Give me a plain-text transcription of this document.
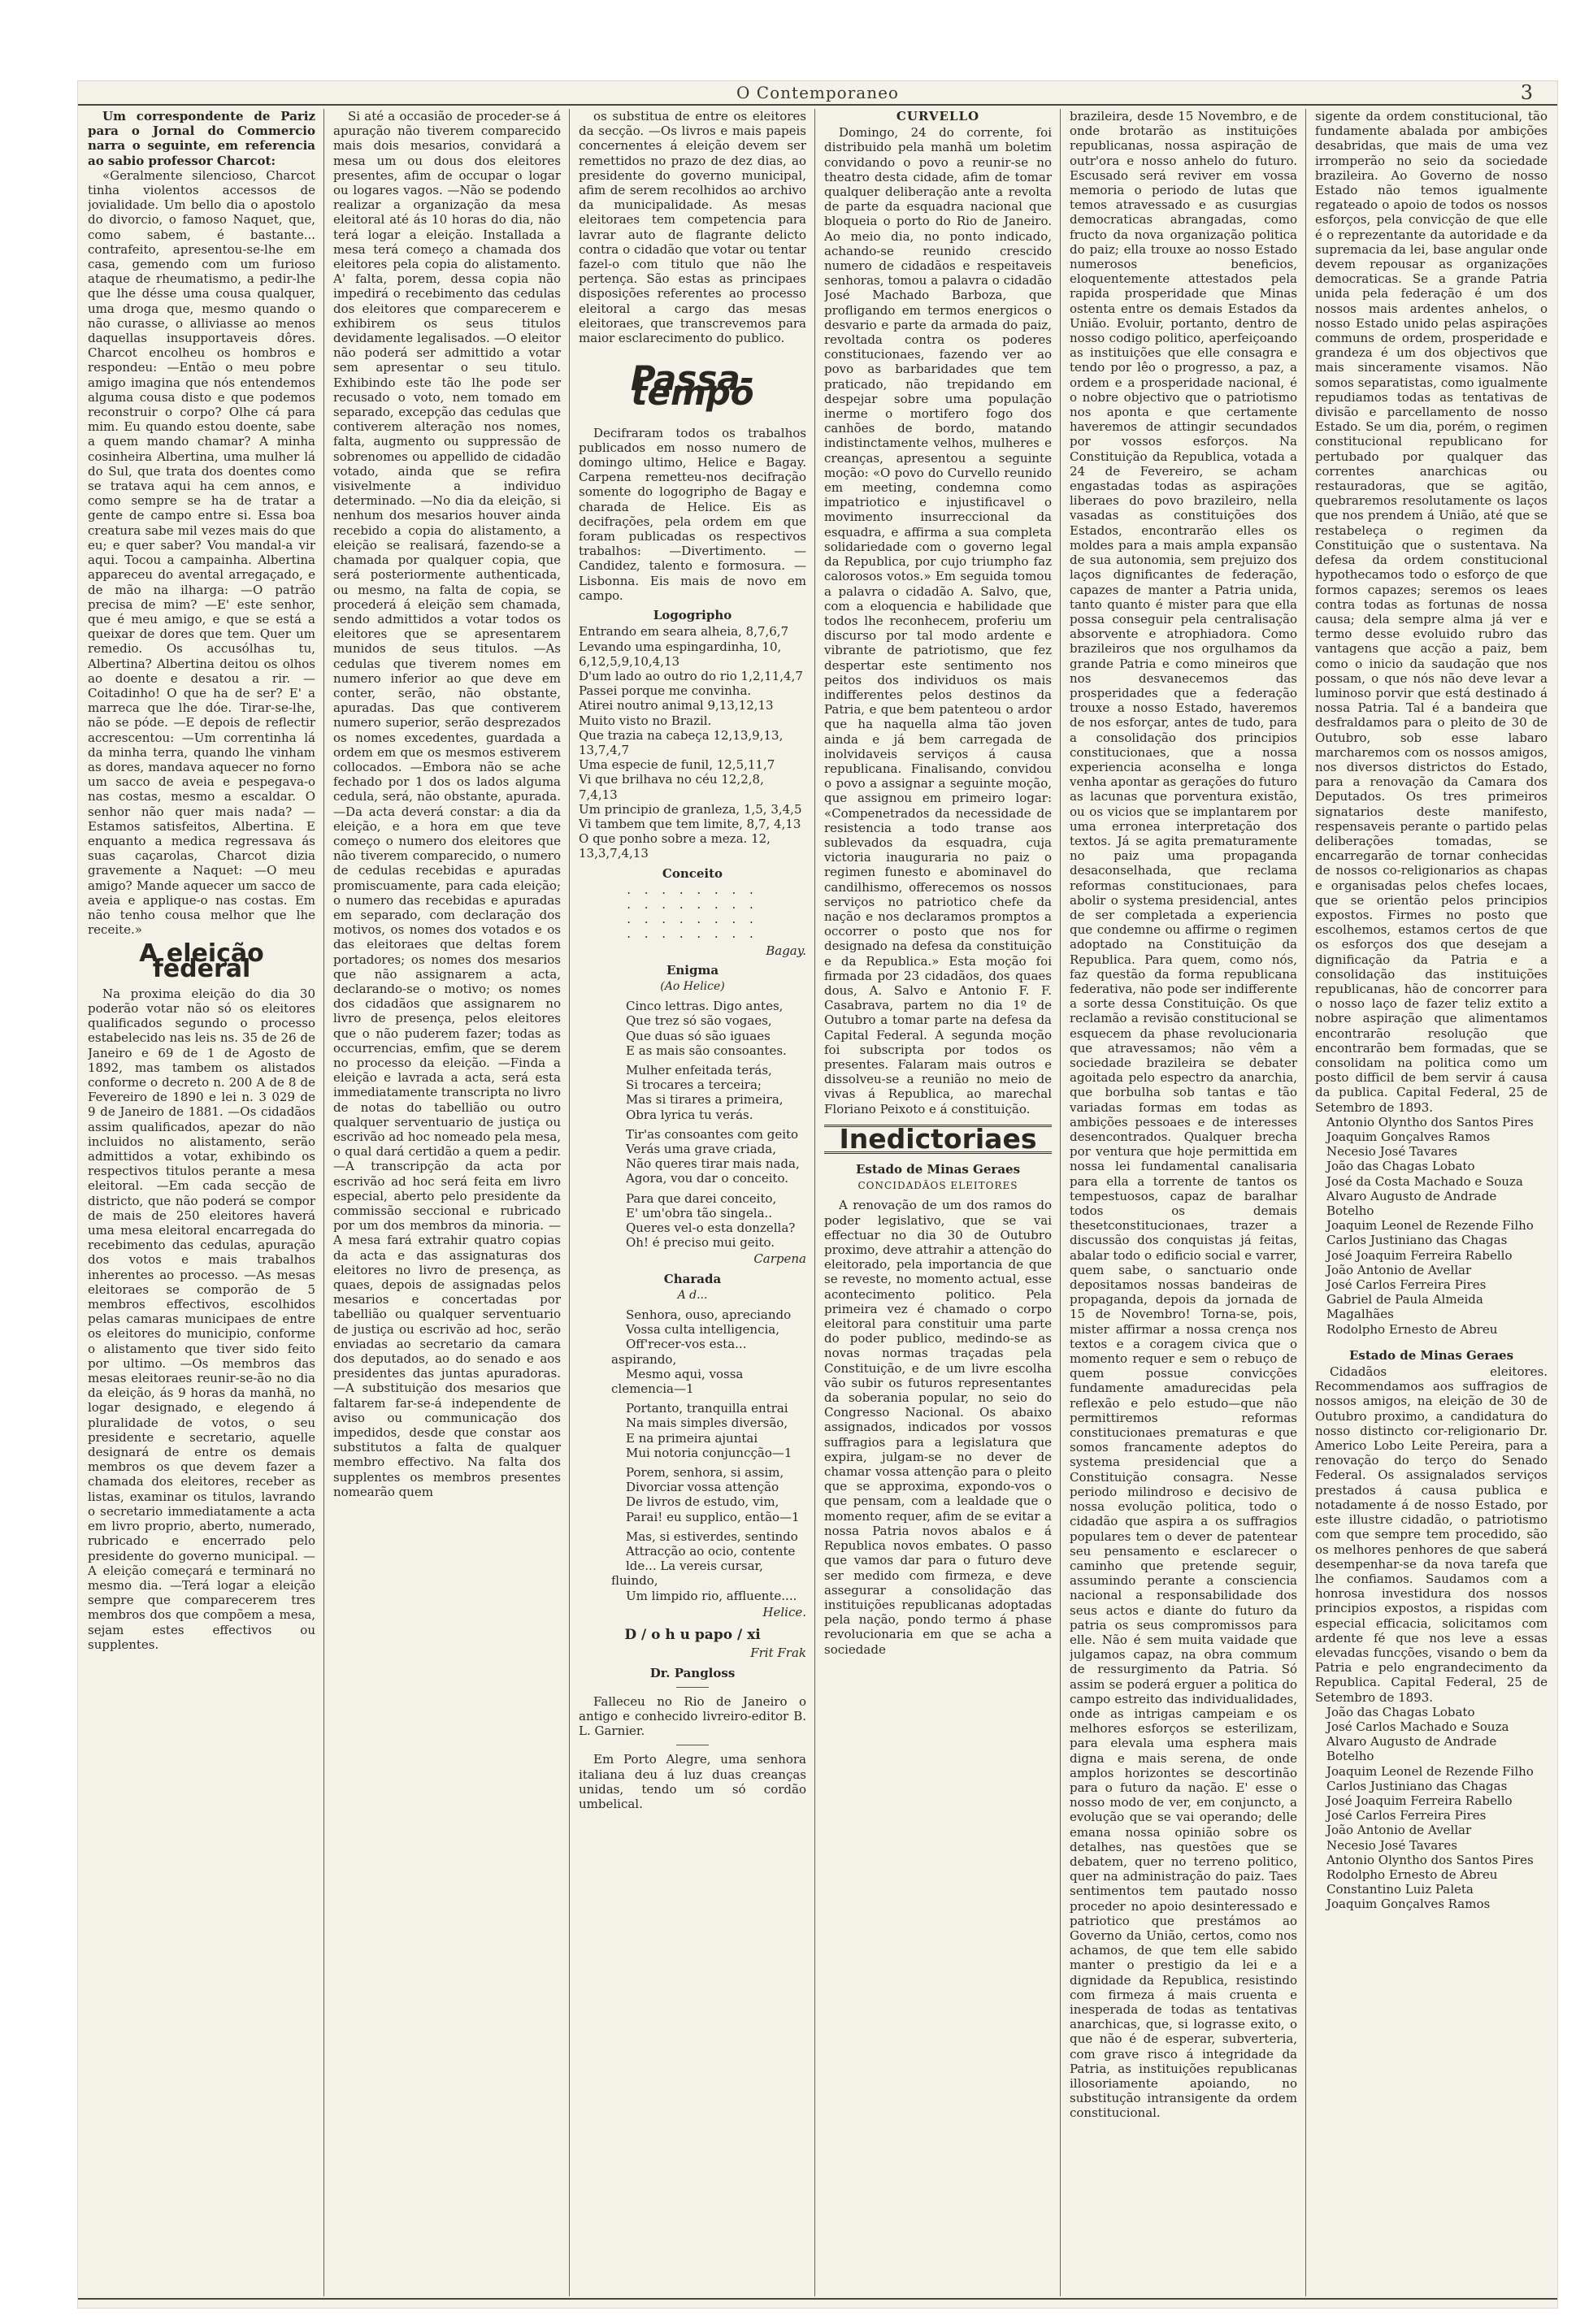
O Contemporaneo	3

Um correspondente de Pariz para o Jornal do Commercio narra o seguinte, em referencia ao sabio professor Charcot:

«Geralmente silencioso, Charcot tinha violentos accessos de jovialidade. Um bello dia o apostolo do divorcio, o famoso Naquet, que, como sabem, é bastante... contrafeito, apresentou-se-lhe em casa, gemendo com um furioso ataque de rheumatismo, a pedir-lhe que lhe désse uma cousa qualquer, uma droga que, mesmo quando o não curasse, o alliviasse ao menos daquellas insupportaveis dôres. Charcot encolheu os hombros e respondeu: —Então o meu pobre amigo imagina que nós entendemos alguma cousa disto e que podemos reconstruir o corpo? Olhe cá para mim. Eu quando estou doente, sabe a quem mando chamar? A minha cosinheira Albertina, uma mulher lá do Sul, que trata dos doentes como se tratava aqui ha cem annos, e como sempre se ha de tratar a gente de campo entre si. Essa boa creatura sabe mil vezes mais do que eu; e quer saber? Vou mandal-a vir aqui. Tocou a campainha. Albertina appareceu do avental arregaçado, e de mão na ilharga: —O patrão precisa de mim? —E' este senhor, que é meu amigo, e que se está a queixar de dores que tem. Quer um remedio. Os accusólhas tu, Albertina? Albertina deitou os olhos ao doente e desatou a rir. —Coitadinho! O que ha de ser? E' a marreca que lhe dóe. Tirar-se-lhe, não se póde. —E depois de reflectir accrescentou: —Um correntinha lá da minha terra, quando lhe vinham as dores, mandava aquecer no forno um sacco de aveia e pespegava-o nas costas, mesmo a escaldar. O senhor não quer mais nada? —Estamos satisfeitos, Albertina. E enquanto a medica regressava ás suas caçarolas, Charcot dizia gravemente a Naquet: —O meu amigo? Mande aquecer um sacco de aveia e applique-o nas costas. Em não tenho cousa melhor que lhe receite.»

A eleição federal

Na proxima eleição do dia 30 poderão votar não só os eleitores qualificados segundo o processo estabelecido nas leis ns. 35 de 26 de Janeiro e 69 de 1 de Agosto de 1892, mas tambem os alistados conforme o decreto n. 200 A de 8 de Fevereiro de 1890 e lei n. 3 029 de 9 de Janeiro de 1881. —Os cidadãos assim qualificados, apezar do não incluidos no alistamento, serão admittidos a votar, exhibindo os respectivos titulos perante a mesa eleitoral. —Em cada secção de districto, que não poderá se compor de mais de 250 eleitores haverá uma mesa eleitoral encarregada do recebimento das cedulas, apuração dos votos e mais trabalhos inherentes ao processo. —As mesas eleitoraes se comporão de 5 membros effectivos, escolhidos pelas camaras municipaes de entre os eleitores do municipio, conforme o alistamento que tiver sido feito por ultimo. —Os membros das mesas eleitoraes reunir-se-ão no dia da eleição, ás 9 horas da manhã, no logar designado, e elegendo á pluralidade de votos, o seu presidente e secretario, aquelle designará de entre os demais membros os que devem fazer a chamada dos eleitores, receber as listas, examinar os titulos, lavrando o secretario immediatamente a acta em livro proprio, aberto, numerado, rubricado e encerrado pelo presidente do governo municipal. —A eleição começará e terminará no mesmo dia. —Terá logar a eleição sempre que comparecerem tres membros dos que compõem a mesa, sejam estes effectivos ou supplentes.

Si até a occasião de proceder-se á apuração não tiverem comparecido mais dois mesarios, convidará a mesa um ou dous dos eleitores presentes, afim de occupar o logar ou logares vagos. —Não se podendo realizar a organização da mesa eleitoral até ás 10 horas do dia, não terá logar a eleição. Installada a mesa terá começo a chamada dos eleitores pela copia do alistamento. A' falta, porem, dessa copia não impedirá o recebimento das cedulas dos eleitores que comparecerem e exhibirem os seus titulos devidamente legalisados. —O eleitor não poderá ser admittido a votar sem apresentar o seu titulo. Exhibindo este tão lhe pode ser recusado o voto, nem tomado em separado, excepção das cedulas que contiverem alteração nos nomes, falta, augmento ou suppressão de sobrenomes ou appellido de cidadão votado, ainda que se refira visivelmente a individuo determinado. —No dia da eleição, si nenhum dos mesarios houver ainda recebido a copia do alistamento, a eleição se realisará, fazendo-se a chamada por qualquer copia, que será posteriormente authenticada, ou mesmo, na falta de copia, se procederá á eleição sem chamada, sendo admittidos a votar todos os eleitores que se apresentarem munidos de seus titulos. —As cedulas que tiverem nomes em numero inferior ao que deve em conter, serão, não obstante, apuradas. Das que contiverem numero superior, serão desprezados os nomes excedentes, guardada a ordem em que os mesmos estiverem collocados. —Embora não se ache fechado por 1 dos os lados alguma cedula, será, não obstante, apurada. —Da acta deverá constar: a dia da eleição, e a hora em que teve começo o numero dos eleitores que não tiverem comparecido, o numero de cedulas recebidas e apuradas promiscuamente, para cada eleição; o numero das recebidas e apuradas em separado, com declaração dos motivos, os nomes dos votados e os das eleitoraes que deltas forem portadores; os nomes dos mesarios que não assignarem a acta, declarando-se o motivo; os nomes dos cidadãos que assignarem no livro de presença, pelos eleitores que o não puderem fazer; todas as occurrencias, emfim, que se derem no processo da eleição. —Finda a eleição e lavrada a acta, será esta immediatamente transcripta no livro de notas do tabellião ou outro qualquer serventuario de justiça ou escrivão ad hoc nomeado pela mesa, o qual dará certidão a quem a pedir. —A transcripção da acta por escrivão ad hoc será feita em livro especial, aberto pelo presidente da commissão seccional e rubricado por um dos membros da minoria. —A mesa fará extrahir quatro copias da acta e das assignaturas dos eleitores no livro de presença, as quaes, depois de assignadas pelos mesarios e concertadas por tabellião ou qualquer serventuario de justiça ou escrivão ad hoc, serão enviadas ao secretario da camara dos deputados, ao do senado e aos presidentes das juntas apuradoras. —A substituição dos mesarios que faltarem far-se-á independente de aviso ou communicação dos impedidos, desde que constar aos substitutos a falta de qualquer membro effectivo. Na falta dos supplentes os membros presentes nomearão quem

os substitua de entre os eleitores da secção. —Os livros e mais papeis concernentes á eleição devem ser remettidos no prazo de dez dias, ao presidente do governo municipal, afim de serem recolhidos ao archivo da municipalidade. As mesas eleitoraes tem competencia para lavrar auto de flagrante delicto contra o cidadão que votar ou tentar fazel-o com titulo que não lhe pertença. São estas as principaes disposições referentes ao processo eleitoral a cargo das mesas eleitoraes, que transcrevemos para maior esclarecimento do publico.

Passa-tempo

Decifraram todos os trabalhos publicados em nosso numero de domingo ultimo, Helice e Bagay. Carpena remetteu-nos decifração somente do logogripho de Bagay e charada de Helice. Eis as decifrações, pela ordem em que foram publicadas os respectivos trabalhos: —Divertimento. —Candidez, talento e formosura. —Lisbonna. Eis mais de novo em campo.

Logogripho

Entrando em seara alheia, 8,7,6,7

Levando uma espingardinha, 10, 6,12,5,9,10,4,13

D'um lado ao outro do rio 1,2,11,4,7

Passei porque me convinha.

Atirei noutro animal 9,13,12,13

Muito visto no Brazil.

Que trazia na cabeça 12,13,9,13, 13,7,4,7

Uma especie de funil, 12,5,11,7

Vi que brilhava no céu 12,2,8, 7,4,13

Um principio de granleza, 1,5, 3,4,5

Vi tambem que tem limite, 8,7, 4,13

O que ponho sobre a meza. 12, 13,3,7,4,13

Conceito

. . . . . . . .
. . . . . . . .
. . . . . . . .
. . . . . . . .

Bagay.
Enigma
(Ao Helice)

Cinco lettras. Digo antes,

Que trez só são vogaes,

Que duas só são iguaes

E as mais são consoantes.

Mulher enfeitada terás,

Si trocares a terceira;

Mas si tirares a primeira,

Obra lyrica tu verás.

Tir'as consoantes com geito

Verás uma grave criada,

Não queres tirar mais nada,

Agora, vou dar o conceito.

Para que darei conceito,

E' um'obra tão singela..

Queres vel-o esta donzella?

Oh! é preciso mui geito.

Carpena
Charada
A d...

Senhora, ouso, apreciando

Vossa culta intelligencia,

Off'recer-vos esta... aspirando,

Mesmo aqui, vossa clemencia—1

Portanto, tranquilla entrai

Na mais simples diversão,

E na primeira ajuntai

Mui notoria conjuncção—1

Porem, senhora, si assim,

Divorciar vossa attenção

De livros de estudo, vim,

Parai! eu supplico, então—1

Mas, si estiverdes, sentindo

Attracção ao ocio, contente

lde... La vereis cursar, fluindo,

Um limpido rio, affluente....

Helice.

D / o h u papo / xi

Frit Frak
Dr. Pangloss

Falleceu no Rio de Janeiro o antigo e conhecido livreiro-editor B. L. Garnier.

Em Porto Alegre, uma senhora italiana deu á luz duas creanças unidas, tendo um só cordão umbelical.

CURVELLO

Domingo, 24 do corrente, foi distribuido pela manhã um boletim convidando o povo a reunir-se no theatro desta cidade, afim de tomar qualquer deliberação ante a revolta de parte da esquadra nacional que bloqueia o porto do Rio de Janeiro. Ao meio dia, no ponto indicado, achando-se reunido crescido numero de cidadãos e respeitaveis senhoras, tomou a palavra o cidadão José Machado Barboza, que profligando em termos energicos o desvario e parte da armada do paiz, revoltada contra os poderes constitucionaes, fazendo ver ao povo as barbaridades que tem praticado, não trepidando em despejar sobre uma população inerme o mortifero fogo dos canhões de bordo, matando indistinctamente velhos, mulheres e creanças, apresentou a seguinte moção: «O povo do Curvello reunido em meeting, condemna como impatriotico e injustificavel o movimento insurreccional da esquadra, e affirma a sua completa solidariedade com o governo legal da Republica, por cujo triumpho faz calorosos votos.» Em seguida tomou a palavra o cidadão A. Salvo, que, com a eloquencia e habilidade que todos lhe reconhecem, proferiu um discurso por tal modo ardente e vibrante de patriotismo, que fez despertar este sentimento nos peitos dos individuos os mais indifferentes pelos destinos da Patria, e que bem patenteou o ardor que ha naquella alma tão joven ainda e já bem carregada de inolvidaveis serviços á causa republicana. Finalisando, convidou o povo a assignar a seguinte moção, que assignou em primeiro logar: «Compenetrados da necessidade de resistencia a todo transe aos sublevados da esquadra, cuja victoria inauguraria no paiz o regimen funesto e abominavel do candilhismo, offerecemos os nossos serviços no patriotico chefe da nação e nos declaramos promptos a occorrer o posto que nos for designado na defesa da constituição e da Republica.» Esta moção foi firmada por 23 cidadãos, dos quaes dous, A. Salvo e Antonio F. F. Casabrava, partem no dia 1º de Outubro a tomar parte na defesa da Capital Federal. A segunda moção foi subscripta por todos os presentes. Falaram mais outros e dissolveu-se a reunião no meio de vivas á Republica, ao marechal Floriano Peixoto e á constituição.

Inedictoriaes
Estado de Minas Geraes
CONCIDADÃOS ELEITORES

A renovação de um dos ramos do poder legislativo, que se vai effectuar no dia 30 de Outubro proximo, deve attrahir a attenção do eleitorado, pela importancia de que se reveste, no momento actual, esse acontecimento politico. Pela primeira vez é chamado o corpo eleitoral para constituir uma parte do poder publico, medindo-se as novas normas traçadas pela Constituição, e de um livre escolha vão subir os futuros representantes da soberania popular, no seio do Congresso Nacional. Os abaixo assignados, indicados por vossos suffragios para a legislatura que expira, julgam-se no dever de chamar vossa attenção para o pleito que se approxima, expondo-vos o que pensam, com a lealdade que o momento requer, afim de se evitar a nossa Patria novos abalos e á Republica novos embates. O passo que vamos dar para o futuro deve ser medido com firmeza, e deve assegurar a consolidação das instituições republicanas adoptadas pela nação, pondo termo á phase revolucionaria em que se acha a sociedade

brazileira, desde 15 Novembro, e de onde brotarão as instituições republicanas, nossa aspiração de outr'ora e nosso anhelo do futuro. Escusado será reviver em vossa memoria o periodo de lutas que temos atravessado e as cusurgias democraticas abrangadas, como fructo da nova organização politica do paiz; ella trouxe ao nosso Estado numerosos beneficios, eloquentemente attestados pela rapida prosperidade que Minas ostenta entre os demais Estados da União. Evoluir, portanto, dentro de nosso codigo politico, aperfeiçoando as instituições que elle consagra e tendo por lêo o progresso, a paz, a ordem e a prosperidade nacional, é o nobre objectivo que o patriotismo nos aponta e que certamente haveremos de attingir secundados por vossos esforços. Na Constituição da Republica, votada a 24 de Fevereiro, se acham engastadas todas as aspirações liberaes do povo brazileiro, nella vasadas as constituições dos Estados, encontrarão elles os moldes para a mais ampla expansão de sua autonomia, sem prejuizo dos laços dignificantes de federação, capazes de manter a Patria unida, tanto quanto é mister para que ella possa conseguir pela centralisação absorvente e atrophiadora. Como brazileiros que nos orgulhamos da grande Patria e como mineiros que nos desvanecemos das prosperidades que a federação trouxe a nosso Estado, haveremos de nos esforçar, antes de tudo, para a consolidação dos principios constitucionaes, que a nossa experiencia aconselha e longa venha apontar as gerações do futuro as lacunas que porventura existão, ou os vicios que se implantarem por uma erronea interpretação dos textos. Já se agita prematuramente no paiz uma propaganda desaconselhada, que reclama reformas constitucionaes, para abolir o systema presidencial, antes de ser completada a experiencia que condemne ou affirme o regimen adoptado na Constituição da Republica. Para quem, como nós, faz questão da forma republicana federativa, não pode ser indifferente a sorte dessa Constituição. Os que reclamão a revisão constitucional se esquecem da phase revolucionaria que atravessamos; não vêm a sociedade brazileira se debater agoitada pelo espectro da anarchia, que borbulha sob tantas e tão variadas formas em todas as ambições pessoaes e de interesses desencontrados. Qualquer brecha por ventura que hoje permittida em nossa lei fundamental canalisaria para ella a torrente de tantos os tempestuosos, capaz de baralhar todos os demais thesetconstitucionaes, trazer a discussão dos conquistas já feitas, abalar todo o edificio social e varrer, quem sabe, o sanctuario onde depositamos nossas bandeiras de propaganda, depois da jornada de 15 de Novembro! Torna-se, pois, mister affirmar a nossa crença nos textos e a coragem civica que o momento requer e sem o rebuço de quem possue convicções fundamente amadurecidas pela reflexão e pelo estudo—que não permittiremos reformas constitucionaes prematuras e que somos francamente adeptos do systema presidencial que a Constituição consagra. Nesse periodo milindroso e decisivo de nossa evolução politica, todo o cidadão que aspira a os suffragios populares tem o dever de patentear seu pensamento e esclarecer o caminho que pretende seguir, assumindo perante a consciencia nacional a responsabilidade dos seus actos e diante do futuro da patria os seus compromissos para elle. Não é sem muita vaidade que julgamos capaz, na obra commum de ressurgimento da Patria. Só assim se poderá erguer a politica do campo estreito das individualidades, onde as intrigas campeiam e os melhores esforços se esterilizam, para elevala uma esphera mais digna e mais serena, de onde amplos horizontes se descortinão para o futuro da nação. E' esse o nosso modo de ver, em conjuncto, a evolução que se vai operando; delle emana nossa opinião sobre os detalhes, nas questões que se debatem, quer no terreno politico, quer na administração do paiz. Taes sentimentos tem pautado nosso proceder no apoio desinteressado e patriotico que prestámos ao Governo da União, certos, como nos achamos, de que tem elle sabido manter o prestigio da lei e a dignidade da Republica, resistindo com firmeza á mais cruenta e inesperada de todas as tentativas anarchicas, que, si lograsse exito, o que não é de esperar, subverteria, com grave risco á integridade da Patria, as instituições republicanas illosoriamente apoiando, no substitução intransigente da ordem constitucional.

sigente da ordem constitucional, tão fundamente abalada por ambições desabridas, que mais de uma vez irromperão no seio da sociedade brazileira. Ao Governo de nosso Estado não temos igualmente regateado o apoio de todos os nossos esforços, pela convicção de que elle é o reprezentante da autoridade e da supremacia da lei, base angular onde devem repousar as organizações democraticas. Se a grande Patria unida pela federação é um dos nossos mais ardentes anhelos, o nosso Estado unido pelas aspirações communs de ordem, prosperidade e grandeza é um dos objectivos que mais sinceramente visamos. Não somos separatistas, como igualmente repudiamos todas as tentativas de divisão e parcellamento de nosso Estado. Se um dia, porém, o regimen constitucional republicano for pertubado por qualquer das correntes anarchicas ou restauradoras, que se agitão, quebraremos resolutamente os laços que nos prendem á União, até que se restabeleça o regimen da Constituição que o sustentava. Na defesa da ordem constitucional hypothecamos todo o esforço de que formos capazes; seremos os leaes contra todas as fortunas de nossa causa; dela sempre alma já ver e termo desse evoluido rubro das vantagens que acção a paiz, bem como o inicio da saudação que nos possam, o que nós não deve levar a luminoso porvir que está destinado á nossa Patria. Tal é a bandeira que desfraldamos para o pleito de 30 de Outubro, sob esse labaro marcharemos com os nossos amigos, nos diversos districtos do Estado, para a renovação da Camara dos Deputados. Os tres primeiros signatarios deste manifesto, respensaveis perante o partido pelas deliberações tomadas, se encarregarão de tornar conhecidas de nossos co-religionarios as chapas e organisadas pelos chefes locaes, que se orientão pelos principios expostos. Firmes no posto que escolhemos, estamos certos de que os esforços dos que desejam a dignificação da Patria e a consolidação das instituições republicanas, hão de concorrer para o nosso laço de fazer teliz extito a nobre aspiração que alimentamos encontrarão resolução que encontrarão bem formadas, que se consolidam na politica como um posto difficil de bem servir á causa da publica. Capital Federal, 25 de Setembro de 1893.

Antonio Olyntho dos Santos Pires

Joaquim Gonçalves Ramos

Necesio José Tavares

João das Chagas Lobato

José da Costa Machado e Souza

Alvaro Augusto de Andrade Botelho

Joaquim Leonel de Rezende Filho

Carlos Justiniano das Chagas

José Joaquim Ferreira Rabello

João Antonio de Avellar

José Carlos Ferreira Pires

Gabriel de Paula Almeida Magalhães

Rodolpho Ernesto de Abreu

Estado de Minas Geraes

Cidadãos eleitores. Recommendamos aos suffragios de nossos amigos, na eleição de 30 de Outubro proximo, a candidatura do nosso distincto cor-religionario Dr. Americo Lobo Leite Pereira, para a renovação do terço do Senado Federal. Os assignalados serviços prestados á causa publica e notadamente á de nosso Estado, por este illustre cidadão, o patriotismo com que sempre tem procedido, são os melhores penhores de que saberá desempenhar-se da nova tarefa que lhe confiamos. Saudamos com a honrosa investidura dos nossos principios expostos, a rispidas com especial efficacia, solicitamos com ardente fé que nos leve a essas elevadas funcções, visando o bem da Patria e pelo engrandecimento da Republica. Capital Federal, 25 de Setembro de 1893.

João das Chagas Lobato

José Carlos Machado e Souza

Alvaro Augusto de Andrade Botelho

Joaquim Leonel de Rezende Filho

Carlos Justiniano das Chagas

José Joaquim Ferreira Rabello

José Carlos Ferreira Pires

João Antonio de Avellar

Necesio José Tavares

Antonio Olyntho dos Santos Pires

Rodolpho Ernesto de Abreu

Constantino Luiz Paleta

Joaquim Gonçalves Ramos
